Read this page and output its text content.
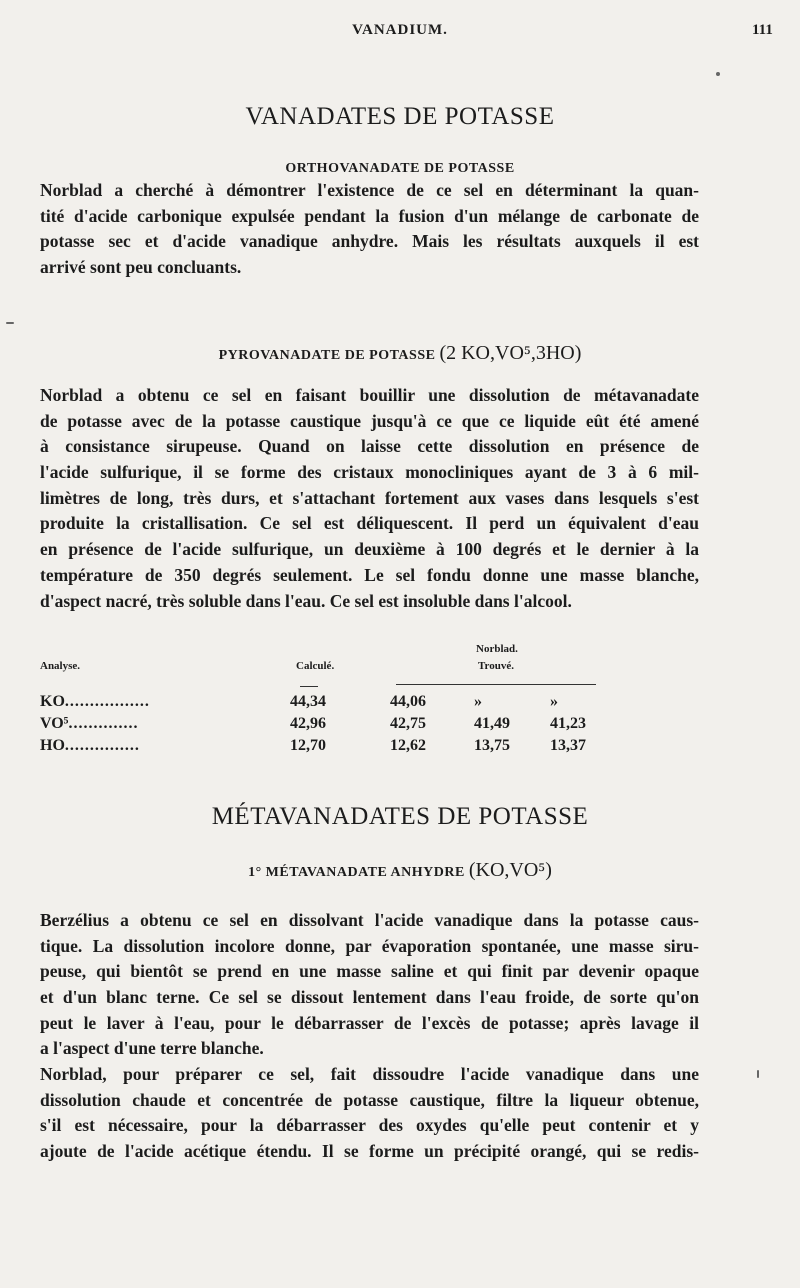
VANADIUM.	111
VANADATES DE POTASSE
ORTHOVANADATE DE POTASSE
Norblad a cherché à démontrer l'existence de ce sel en déterminant la quan-
tité d'acide carbonique expulsée pendant la fusion d'un mélange de carbonate de
potasse sec et d'acide vanadique anhydre. Mais les résultats auxquels il est
arrivé sont peu concluants.
PYROVANADATE DE POTASSE (2 KO,VO⁵,3HO)
Norblad a obtenu ce sel en faisant bouillir une dissolution de métavanadate
de potasse avec de la potasse caustique jusqu'à ce que ce liquide eût été amené
à consistance sirupeuse. Quand on laisse cette dissolution en présence de
l'acide sulfurique, il se forme des cristaux monocliniques ayant de 3 à 6 mil-
limètres de long, très durs, et s'attachant fortement aux vases dans lesquels s'est
produite la cristallisation. Ce sel est déliquescent. Il perd un équivalent d'eau
en présence de l'acide sulfurique, un deuxième à 100 degrés et le dernier à la
température de 350 degrés seulement. Le sel fondu donne une masse blanche,
d'aspect nacré, très soluble dans l'eau. Ce sel est insoluble dans l'alcool.
Norblad.
Analyse.	Calculé.	Trouvé.
KO.................	44,34	44,06	»	»
VO⁵..............	42,96	42,75	41,49	41,23
HO...............	12,70	12,62	13,75	13,37
MÉTAVANADATES DE POTASSE
1° MÉTAVANADATE ANHYDRE (KO,VO⁵)
Berzélius a obtenu ce sel en dissolvant l'acide vanadique dans la potasse caus-
tique. La dissolution incolore donne, par évaporation spontanée, une masse siru-
peuse, qui bientôt se prend en une masse saline et qui finit par devenir opaque
et d'un blanc terne. Ce sel se dissout lentement dans l'eau froide, de sorte qu'on
peut le laver à l'eau, pour le débarrasser de l'excès de potasse; après lavage il
a l'aspect d'une terre blanche.
Norblad, pour préparer ce sel, fait dissoudre l'acide vanadique dans une
dissolution chaude et concentrée de potasse caustique, filtre la liqueur obtenue,
s'il est nécessaire, pour la débarrasser des oxydes qu'elle peut contenir et y
ajoute de l'acide acétique étendu. Il se forme un précipité orangé, qui se redis-
